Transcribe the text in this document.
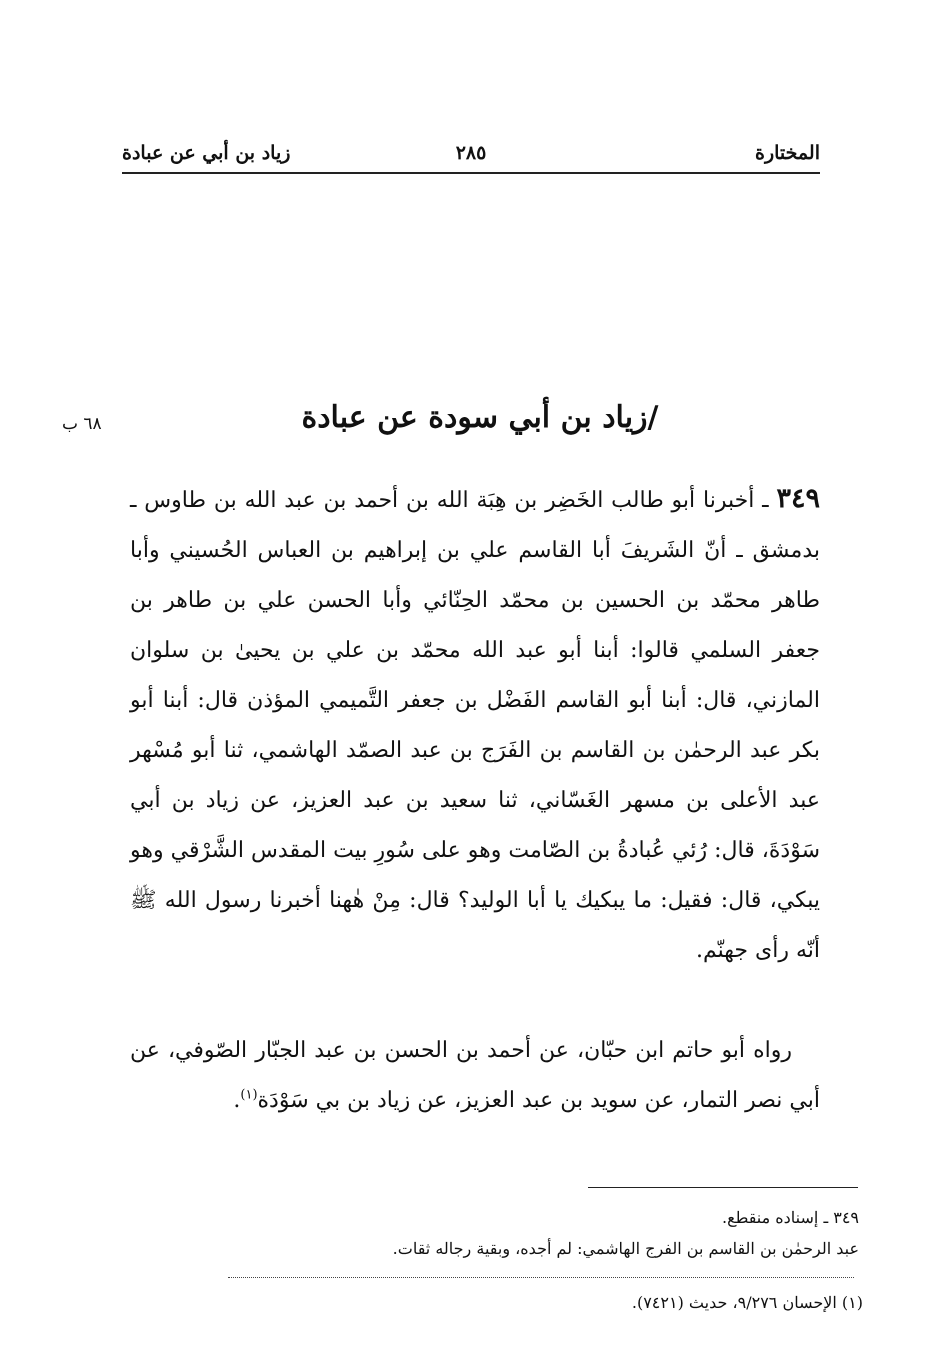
المختارة
٢٨٥
زياد بن أبي عن عبادة
٦٨ ب	/زياد بن أبي سودة عن عبادة

٣٤٩ ـ أخبرنا أبو طالب الخَضِر بن هِبَة الله بن أحمد بن عبد الله بن طاوس ـ بدمشق ـ أنّ الشَريفَ أبا القاسم علي بن إبراهيم بن العباس الحُسيني وأبا طاهر محمّد بن الحسين بن محمّد الحِنّائي وأبا الحسن علي بن طاهر بن جعفر السلمي قالوا: أبنا أبو عبد الله محمّد بن علي بن يحيىٰ بن سلوان المازني، قال: أبنا أبو القاسم الفَضْل بن جعفر التَّميمي المؤذن قال: أبنا أبو بكر عبد الرحمٰن بن القاسم بن الفَرَج بن عبد الصمّد الهاشمي، ثنا أبو مُسْهر عبد الأعلى بن مسهر الغَسّاني، ثنا سعيد بن عبد العزيز، عن زياد بن أبي سَوْدَةَ، قال: رُئي عُبادةُ بن الصّامت وهو على سُورِ بيت المقدس الشَّرْقي وهو يبكي، قال: فقيل: ما يبكيك يا أبا الوليد؟ قال: مِنْ هٰهنا أخبرنا رسول الله ﷺ أنّه رأى جهنّم.

رواه أبو حاتم ابن حبّان، عن أحمد بن الحسن بن عبد الجبّار الصّوفي، عن أبي نصر التمار، عن سويد بن عبد العزيز، عن زياد بن بي سَوْدَة$^{(١)}$.

٣٤٩ ـ إسناده منقطع.

عبد الرحمٰن بن القاسم بن الفرج الهاشمي: لم أجده، وبقية رجاله ثقات.

(١) الإحسان ٩/٢٧٦، حديث (٧٤٢١).
